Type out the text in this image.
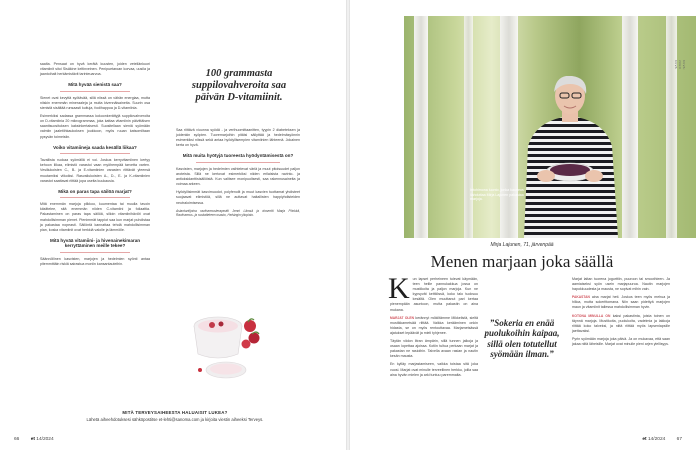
saalta. Pensaat on hyvä kerätä kuusten, joiden veteliänkuori vitamiinit sitoi Sisäkine keltinveinen. Penipuetaroan korvaa, uusila ja jaantoihalt herkämistävit tarinteuarvoa.

Mitä hyvää sienistä saa?

Sienet ovat kevyttä syötävää, sillä niissä on vähän energiaa, mutta niiskin enemmän mineraaleja ja muita kivennäisaineita. Suurin osa sienistä sisältää runsaasti kuituja, foolihappoa ja D-vitamiinia.

Esimerkiksi sadassa grammassa kokoonkerättyjä suppilovahveroita on D-vitamiinia 20 mikrogrammaa, joka kattaa vitamiinin päivittäisen saantisuosituksen kaksinkertaisesti. Suositellaan sieniä syömään valmiin jaaletiihkaukoksen joukkoon, myös ruuan katsomiltaan pysyvän toimeisiin.

Voiko vitamiineja saada kesällä liikaa?

Tavallista ruokaa syömällä ei voi. Joskus kerryvitamiinen kertyy kehoon liikaa, elimistö varastoi vaan myöhempää tarvetta varten. Vesiliukoisten C-, B- ja E-vitamiinien varasten riittävät yleensä muutamiksi viikoiksi. Rasvaliukoisten A-, D-, E- ja K-vitamiinien varastot saattavat riittää jopa useita kuukausia.

Mikä on paras tapa säilöä marjat?

Mitä enemmän marjoja pilkkoo, kuumentaa tai muulla tavoin käsittelee, sitä enemmän niiden C-vitamiini ja foliaattia. Pakastaminen on paras tapa säilöä, silloin vitamiinihäviöt ovat mahdollisimman pienet. Pienimmät tappiot saa kun marjat puhdistaa ja pakastaa nopeasti. Säilöntä kannattaa tehdä mahdollisimman pian, koska vitamiinit ovat herkkiä valolle ja lämmölle.

Mitä hyvää vitamiini- ja hivenainekimaran kerryttäminen meille tekee?

Säännöllinen kasvisten, marjojen ja hedelmien syönti antaa pitemmittäin riskiä sairastua moniin kansantauteihin.

100 grammasta suppilovahveroita saa päivän D-vitamiinit.

Saa riittävä viuunna syödä - ja verihuomittaanitten, tyypin 2 diabeteksen ja joidenkin syöpien. Tuoremarjoihin pitäisi säilyttää ja hedelmäsyönnin esimerkiksi niissä sekä antaa hyödyllisempien vitamiinien lähteenä. Jokainen kerta on hyvä.

Mitä muita hyötyjä tuoreesta hyödyntämisestä on?

Kasvisten, marjojen ja hedelmien vaihtelevat väriä ja muut pitoisuudet paljon aroteista. Sillä ne kertovat esimerkiksi niiden erilaisista ravinto- ja antioksidanttisisällöistä. Kun valitsee monipuolisesti, saa rakennusaineita ja voimaa arkeen.

Hyödyllisimmät kasvimuodot, polyfenolit ja muut kasvien tuottamat yhdisteet suojaavat elimistöä, sillä ne auttavat haitallisten happiyhdisteiden neutraloimisessa.

Asiantuntijoina ravitsemusterapeutti Jenni Lämsä ja dosentti Marja Pönkkä, Ravitsemus- ja ruokatieteen osasto, Helsingin yliopisto.

MITÄ TERVEYSAIHEESTA HALUAISIT LUKEA?
Lähetä aiheehdotuksesi sähköpostitse et-lehti@sanoma.com ja kirjoita viestin aiheeksi Terveys.
66 et 14/2024
Intohimona luonto, jonka kauneus ilahduttaa Mirja Lajunen pakastaa marjoja.
KUVA: JUHO KUVA
Mirja Lajunen, 71, järvenpää
Menen marjaan joka säällä

Kun lapset perheineen tulevat käymään, teen heille pannukakkua jossa on mustikoita ja paljon marjoja. Kun ne kypsyvät keittiössä, koko talo tuoksuu kesältä. Olen muuttanut pari kertaa pienempään asuntoon, mutta pakastin on aina mukana.

MARJAT OLEN kerännyt mökiltämme Mikkelistä, sieltä mustikkametsää riittää. Vaikka kerääminen onkin hidasta, se on myös rentouttavaa. Marjametsässä ajatukset lepäävät ja mieli tyhjenee.

Täytän viidon litran ämpärin, sillä tunnen jalkoja ja osaan lopettaa ajoissa. Kotiin tultua perkaan marjat ja pakastan ne rasioihin. Talvella avaan rasian ja nautin kesän mausta.

En kylläy marjastamiseen, vaikka toistaa sitä joka vuosi. Marjat ovat minulle terveellinen herkku, joilla saa aina hyvän mielen ja arki tuntuu paremmalta.

”Sokeria en enää puolukoihin kaipaa, sillä olen totutellut syömään ilman.”

Marjat laitan tuorena jogurttiin, puuroon tai smoothieen. Ja aamiaiseksi syön usein marjapuuroa. Nautin marjojen hapokkuudesta ja mausta, ne sopivat mihin vain.

PAKASTAN aina marjat heti. Joskus teen myös mehua ja hilloa, mutta sokerittomana. Niin saan pidettyä marjojen maun ja vitamiinit tallessa mahdollisimman hyvin.

KOTONA MINULLA ON kaksi pakastinta, joista toinen on täynnä marjoja. Mustikoita, puolukoita, vadelmia ja lakkoja riittää koko talveksi, ja niitä riittää myös lapsenlapsille jaettavaksi.

Pyrin syömään marjoja joka päivä. Ja on mukavaa, että saan jakaa niitä läheisille. Marjat ovat minulle pieni arjen ylellisyys.

et 14/2024 67
